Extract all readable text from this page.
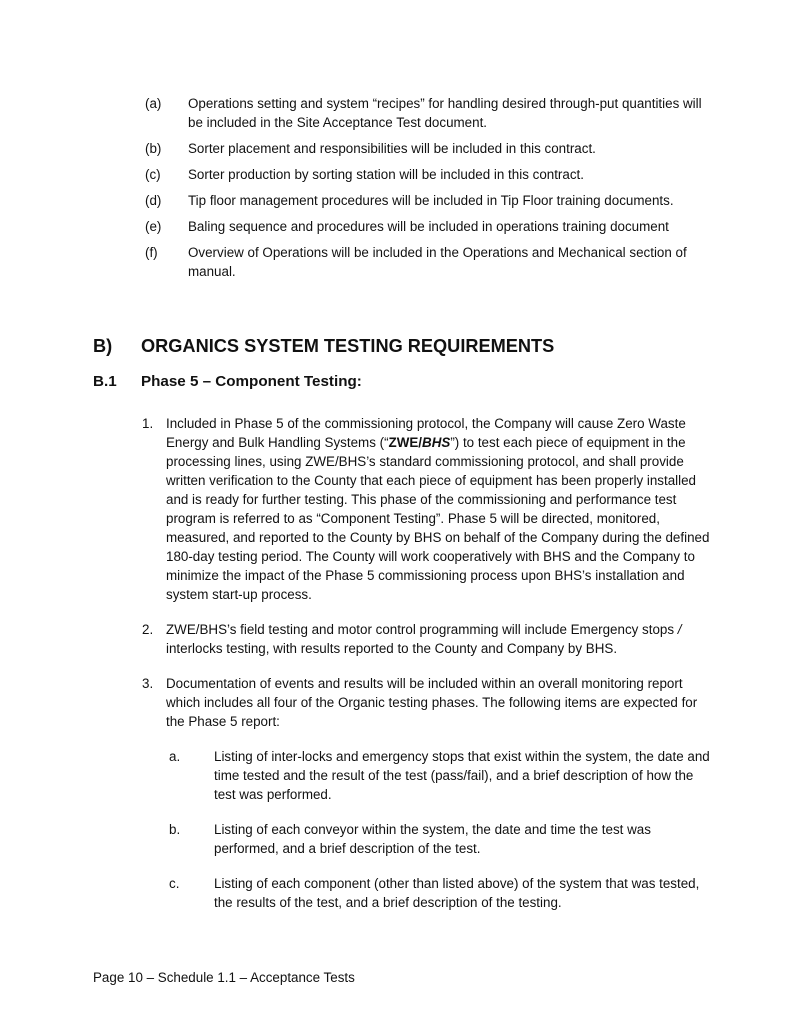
(a) Operations setting and system “recipes” for handling desired through-put quantities will be included in the Site Acceptance Test document.
(b) Sorter placement and responsibilities will be included in this contract.
(c) Sorter production by sorting station will be included in this contract.
(d) Tip floor management procedures will be included in Tip Floor training documents.
(e) Baling sequence and procedures will be included in operations training document
(f) Overview of Operations will be included in the Operations and Mechanical section of manual.
B) ORGANICS SYSTEM TESTING REQUIREMENTS
B.1 Phase 5 – Component Testing:
1. Included in Phase 5 of the commissioning protocol, the Company will cause Zero Waste Energy and Bulk Handling Systems (“ZWE/BHS”) to test each piece of equipment in the processing lines, using ZWE/BHS’s standard commissioning protocol, and shall provide written verification to the County that each piece of equipment has been properly installed and is ready for further testing. This phase of the commissioning and performance test program is referred to as “Component Testing”. Phase 5 will be directed, monitored, measured, and reported to the County by BHS on behalf of the Company during the defined 180-day testing period. The County will work cooperatively with BHS and the Company to minimize the impact of the Phase 5 commissioning process upon BHS’s installation and system start-up process.
2. ZWE/BHS’s field testing and motor control programming will include Emergency stops / interlocks testing, with results reported to the County and Company by BHS.
3. Documentation of events and results will be included within an overall monitoring report which includes all four of the Organic testing phases. The following items are expected for the Phase 5 report:
a.	Listing of inter-locks and emergency stops that exist within the system, the date and time tested and the result of the test (pass/fail), and a brief description of how the test was performed.
b.	Listing of each conveyor within the system, the date and time the test was performed, and a brief description of the test.
c.	Listing of each component (other than listed above) of the system that was tested, the results of the test, and a brief description of the testing.
Page 10 – Schedule 1.1 – Acceptance Tests
